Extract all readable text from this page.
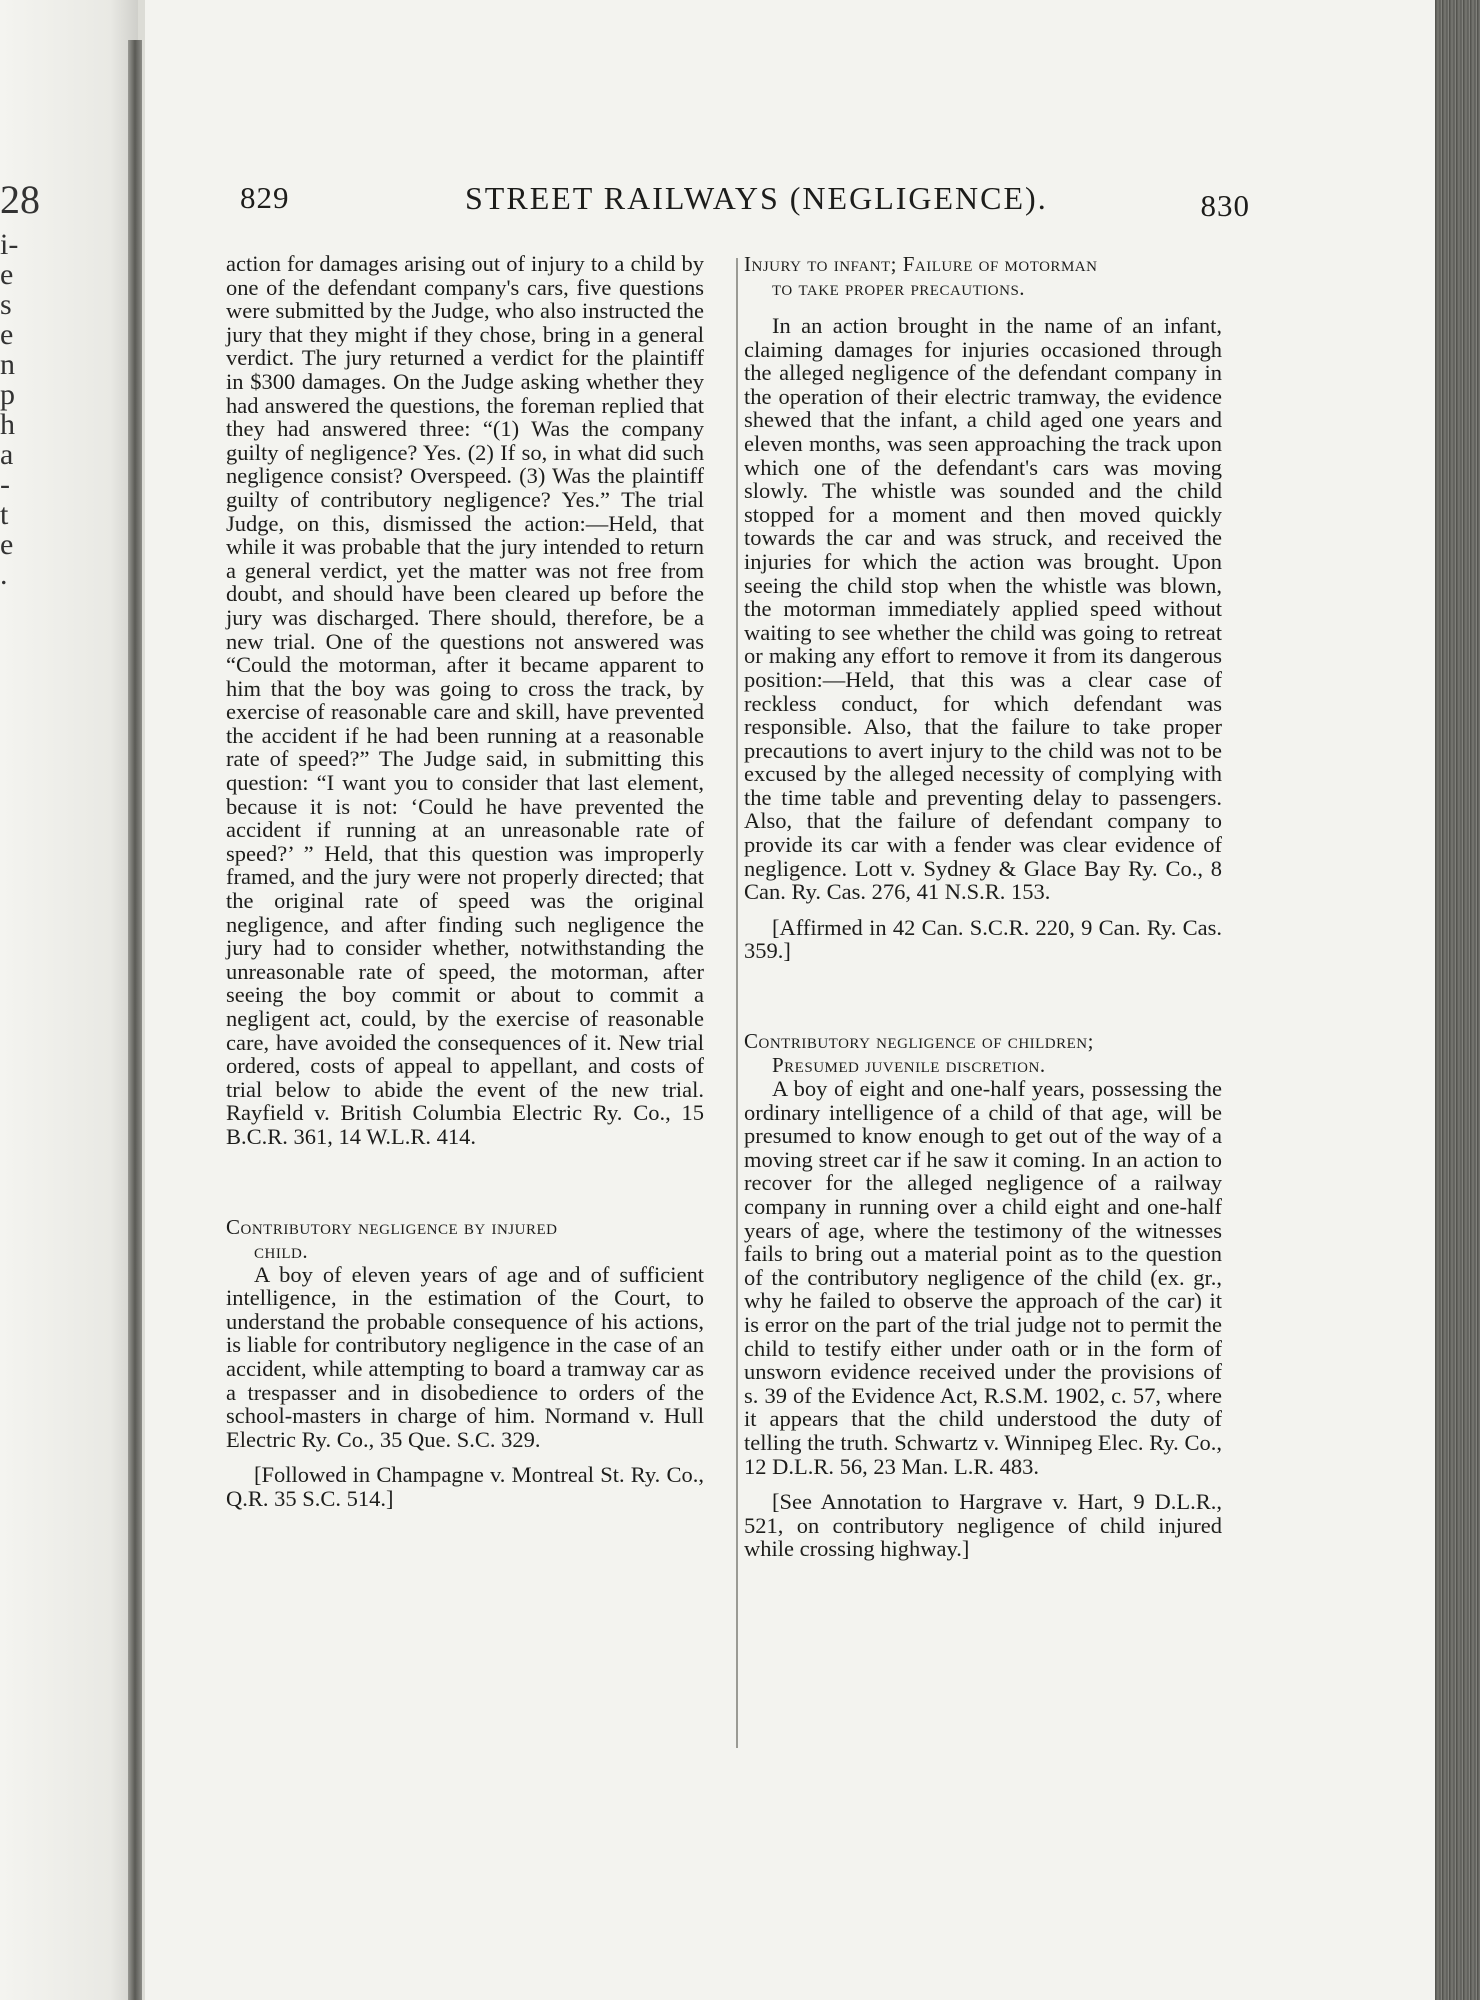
28
i-
e
s
e
n
p
h
a
-
t
e
.
829	STREET RAILWAYS (NEGLIGENCE).	830

action for damages arising out of injury to a child by one of the defendant company's cars, five questions were submitted by the Judge, who also instructed the jury that they might if they chose, bring in a general verdict. The jury returned a verdict for the plaintiff in $300 damages. On the Judge asking whether they had answered the questions, the foreman replied that they had answered three: “(1) Was the company guilty of negligence? Yes. (2) If so, in what did such negligence consist? Overspeed. (3) Was the plaintiff guilty of contributory negligence? Yes.” The trial Judge, on this, dismissed the action:—Held, that while it was probable that the jury intended to return a general verdict, yet the matter was not free from doubt, and should have been cleared up before the jury was discharged. There should, therefore, be a new trial. One of the questions not answered was “Could the motorman, after it became apparent to him that the boy was going to cross the track, by exercise of reasonable care and skill, have prevented the accident if he had been running at a reasonable rate of speed?” The Judge said, in submitting this question: “I want you to consider that last element, because it is not: ‘Could he have prevented the accident if running at an unreasonable rate of speed?’ ” Held, that this question was improperly framed, and the jury were not properly directed; that the original rate of speed was the original negligence, and after finding such negligence the jury had to consider whether, notwithstanding the unreasonable rate of speed, the motorman, after seeing the boy commit or about to commit a negligent act, could, by the exercise of reasonable care, have avoided the consequences of it. New trial ordered, costs of appeal to appellant, and costs of trial below to abide the event of the new trial. Rayfield v. British Columbia Electric Ry. Co., 15 B.C.R. 361, 14 W.L.R. 414.

Contributory negligence by injured
child.

A boy of eleven years of age and of sufficient intelligence, in the estimation of the Court, to understand the probable consequence of his actions, is liable for contributory negligence in the case of an accident, while attempting to board a tramway car as a trespasser and in disobedience to orders of the school-masters in charge of him. Normand v. Hull Electric Ry. Co., 35 Que. S.C. 329.

[Followed in Champagne v. Montreal St. Ry. Co., Q.R. 35 S.C. 514.]

Injury to infant; Failure of motorman
to take proper precautions.

In an action brought in the name of an infant, claiming damages for injuries occasioned through the alleged negligence of the defendant company in the operation of their electric tramway, the evidence shewed that the infant, a child aged one years and eleven months, was seen approaching the track upon which one of the defendant's cars was moving slowly. The whistle was sounded and the child stopped for a moment and then moved quickly towards the car and was struck, and received the injuries for which the action was brought. Upon seeing the child stop when the whistle was blown, the motorman immediately applied speed without waiting to see whether the child was going to retreat or making any effort to remove it from its dangerous position:—Held, that this was a clear case of reckless conduct, for which defendant was responsible. Also, that the failure to take proper precautions to avert injury to the child was not to be excused by the alleged necessity of complying with the time table and preventing delay to passengers. Also, that the failure of defendant company to provide its car with a fender was clear evidence of negligence. Lott v. Sydney & Glace Bay Ry. Co., 8 Can. Ry. Cas. 276, 41 N.S.R. 153.

[Affirmed in 42 Can. S.C.R. 220, 9 Can. Ry. Cas. 359.]

Contributory negligence of children;
Presumed juvenile discretion.

A boy of eight and one-half years, possessing the ordinary intelligence of a child of that age, will be presumed to know enough to get out of the way of a moving street car if he saw it coming. In an action to recover for the alleged negligence of a railway company in running over a child eight and one-half years of age, where the testimony of the witnesses fails to bring out a material point as to the question of the contributory negligence of the child (ex. gr., why he failed to observe the approach of the car) it is error on the part of the trial judge not to permit the child to testify either under oath or in the form of unsworn evidence received under the provisions of s. 39 of the Evidence Act, R.S.M. 1902, c. 57, where it appears that the child understood the duty of telling the truth. Schwartz v. Winnipeg Elec. Ry. Co., 12 D.L.R. 56, 23 Man. L.R. 483.

[See Annotation to Hargrave v. Hart, 9 D.L.R., 521, on contributory negligence of child injured while crossing highway.]
